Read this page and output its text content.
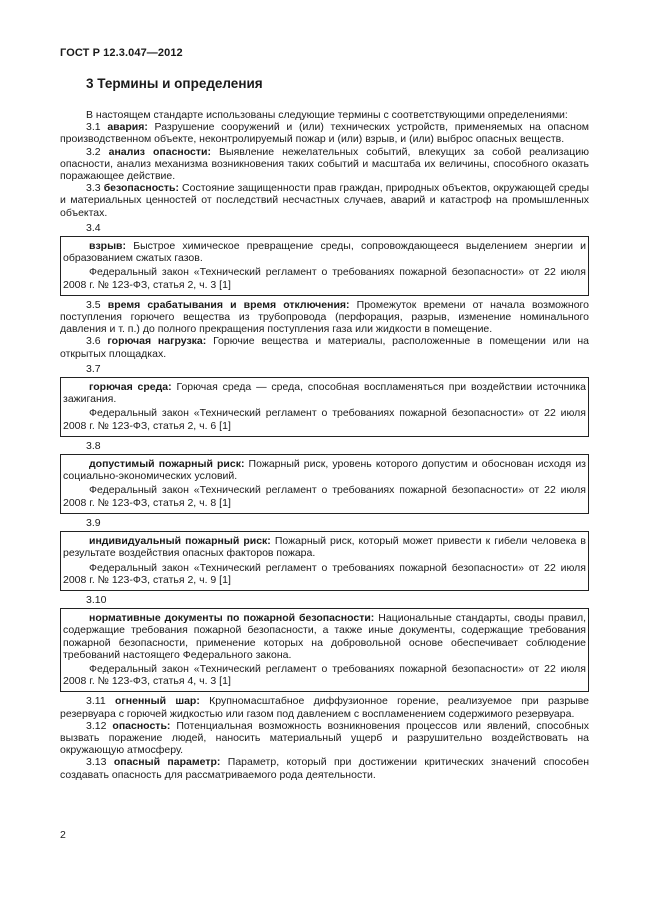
ГОСТ Р 12.3.047—2012
3 Термины и определения

В настоящем стандарте использованы следующие термины с соответствующими определениями:

3.1 авария: Разрушение сооружений и (или) технических устройств, применяемых на опасном производственном объекте, неконтролируемый пожар и (или) взрыв, и (или) выброс опасных веществ.

3.2 анализ опасности: Выявление нежелательных событий, влекущих за собой реализацию опасности, анализ механизма возникновения таких событий и масштаба их величины, способного оказать поражающее действие.

3.3 безопасность: Состояние защищенности прав граждан, природных объектов, окружающей среды и материальных ценностей от последствий несчастных случаев, аварий и катастроф на промышленных объектах.

3.4

взрыв: Быстрое химическое превращение среды, сопровождающееся выделением энергии и образованием сжатых газов.

Федеральный закон «Технический регламент о требованиях пожарной безопасности» от 22 июля 2008 г. № 123-ФЗ, статья 2, ч. 3 [1]

3.5 время срабатывания и время отключения: Промежуток времени от начала возможного поступления горючего вещества из трубопровода (перфорация, разрыв, изменение номинального давления и т. п.) до полного прекращения поступления газа или жидкости в помещение.

3.6 горючая нагрузка: Горючие вещества и материалы, расположенные в помещении или на открытых площадках.

3.7

горючая среда: Горючая среда — среда, способная воспламеняться при воздействии источника зажигания.

Федеральный закон «Технический регламент о требованиях пожарной безопасности» от 22 июля 2008 г. № 123-ФЗ, статья 2, ч. 6 [1]

3.8

допустимый пожарный риск: Пожарный риск, уровень которого допустим и обоснован исходя из социально-экономических условий.

Федеральный закон «Технический регламент о требованиях пожарной безопасности» от 22 июля 2008 г. № 123-ФЗ, статья 2, ч. 8 [1]

3.9

индивидуальный пожарный риск: Пожарный риск, который может привести к гибели человека в результате воздействия опасных факторов пожара.

Федеральный закон «Технический регламент о требованиях пожарной безопасности» от 22 июля 2008 г. № 123-ФЗ, статья 2, ч. 9 [1]

3.10

нормативные документы по пожарной безопасности: Национальные стандарты, своды правил, содержащие требования пожарной безопасности, а также иные документы, содержащие требования пожарной безопасности, применение которых на добровольной основе обеспечивает соблюдение требований настоящего Федерального закона.

Федеральный закон «Технический регламент о требованиях пожарной безопасности» от 22 июля 2008 г. № 123-ФЗ, статья 4, ч. 3 [1]

3.11 огненный шар: Крупномасштабное диффузионное горение, реализуемое при разрыве резервуара с горючей жидкостью или газом под давлением с воспламенением содержимого резервуара.

3.12 опасность: Потенциальная возможность возникновения процессов или явлений, способных вызвать поражение людей, наносить материальный ущерб и разрушительно воздействовать на окружающую атмосферу.

3.13 опасный параметр: Параметр, который при достижении критических значений способен создавать опасность для рассматриваемого рода деятельности.

2
